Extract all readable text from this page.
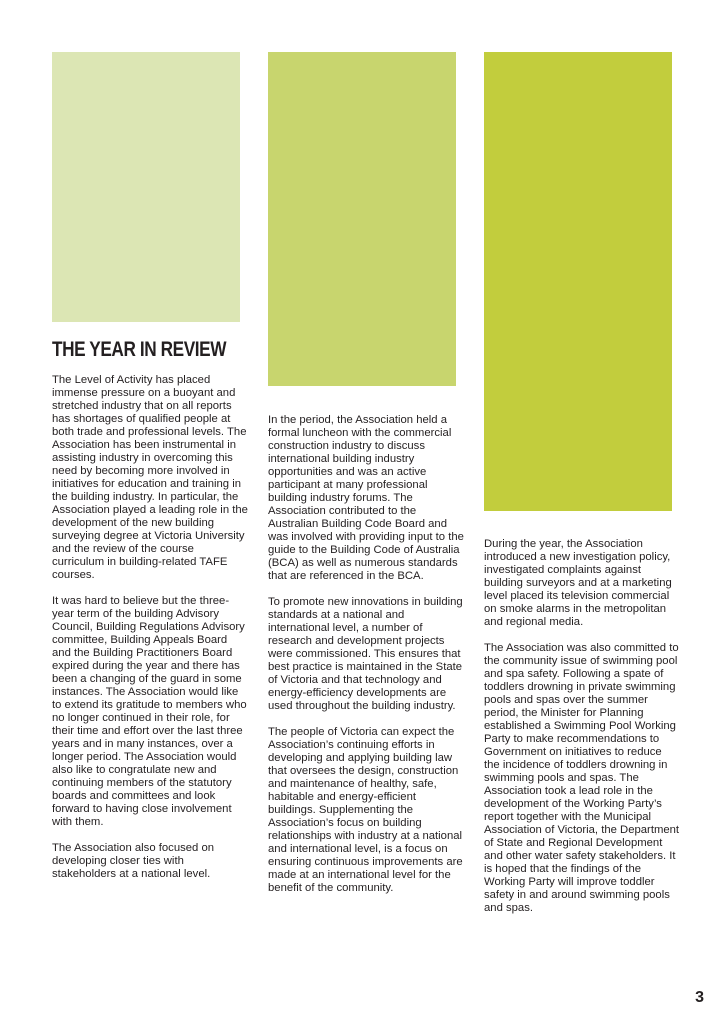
THE YEAR IN REVIEW

The Level of Activity has placed immense pressure on a buoyant and stretched industry that on all reports has shortages of qualified people at both trade and professional levels. The Association has been instrumental in assisting industry in overcoming this need by becoming more involved in initiatives for education and training in the building industry. In particular, the Association played a leading role in the development of the new building surveying degree at Victoria University and the review of the course curriculum in building-related TAFE courses.

It was hard to believe but the three-year term of the building Advisory Council, Building Regulations Advisory committee, Building Appeals Board and the Building Practitioners Board expired during the year and there has been a changing of the guard in some instances. The Association would like to extend its gratitude to members who no longer continued in their role, for their time and effort over the last three years and in many instances, over a longer period. The Association would also like to congratulate new and continuing members of the statutory boards and committees and look forward to having close involvement with them.

The Association also focused on developing closer ties with stakeholders at a national level.

In the period, the Association held a formal luncheon with the commercial construction industry to discuss international building industry opportunities and was an active participant at many professional building industry forums. The Association contributed to the Australian Building Code Board and was involved with providing input to the guide to the Building Code of Australia (BCA) as well as numerous standards that are referenced in the BCA.

To promote new innovations in building standards at a national and international level, a number of research and development projects were commissioned. This ensures that best practice is maintained in the State of Victoria and that technology and energy-efficiency developments are used throughout the building industry.

The people of Victoria can expect the Association’s continuing efforts in developing and applying building law that oversees the design, construction and maintenance of healthy, safe, habitable and energy-efficient buildings. Supplementing the Association’s focus on building relationships with industry at a national and international level, is a focus on ensuring continuous improvements are made at an international level for the benefit of the community.

During the year, the Association introduced a new investigation policy, investigated complaints against building surveyors and at a marketing level placed its television commercial on smoke alarms in the metropolitan and regional media.

The Association was also committed to the community issue of swimming pool and spa safety. Following a spate of toddlers drowning in private swimming pools and spas over the summer period, the Minister for Planning established a Swimming Pool Working Party to make recommendations to Government on initiatives to reduce the incidence of toddlers drowning in swimming pools and spas. The Association took a lead role in the development of the Working Party’s report together with the Municipal Association of Victoria, the Department of State and Regional Development and other water safety stakeholders. It is hoped that the findings of the Working Party will improve toddler safety in and around swimming pools and spas.

3
